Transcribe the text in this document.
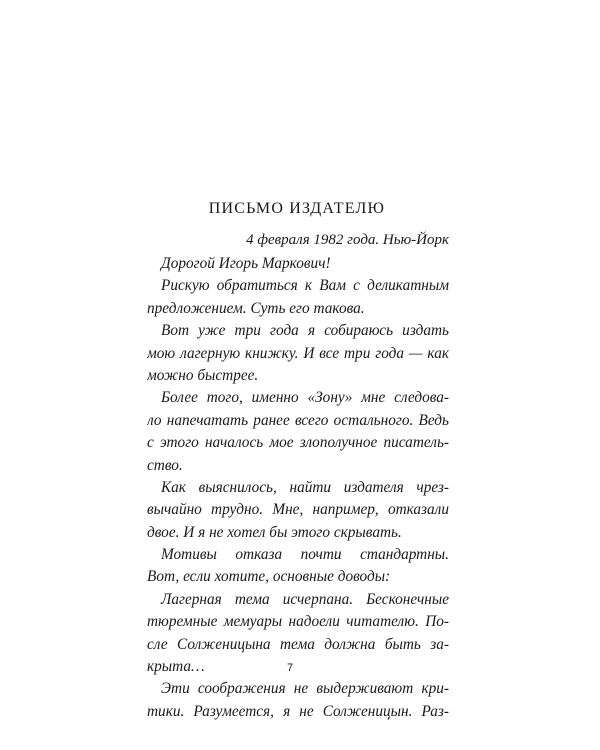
ПИСЬМО ИЗДАТЕЛЮ
4 февраля 1982 года. Нью-Йорк
Дорогой Игорь Маркович!
Рискую обратиться к Вам с деликатным
предложением. Суть его такова.
Вот уже три года я собираюсь издать
мою лагерную книжку. И все три года — как
можно быстрее.
Более того, именно «Зону» мне следова-
ло напечатать ранее всего остального. Ведь
с этого началось мое злополучное писатель-
ство.
Как выяснилось, найти издателя чрез-
вычайно трудно. Мне, например, отказали
двое. И я не хотел бы этого скрывать.
Мотивы отказа почти стандартны.
Вот, если хотите, основные доводы:
Лагерная тема исчерпана. Бесконечные
тюремные мемуары надоели читателю. По-
сле Солженицына тема должна быть за-
крыта…
Эти соображения не выдерживают кри-
тики. Разумеется, я не Солженицын. Раз-
7
